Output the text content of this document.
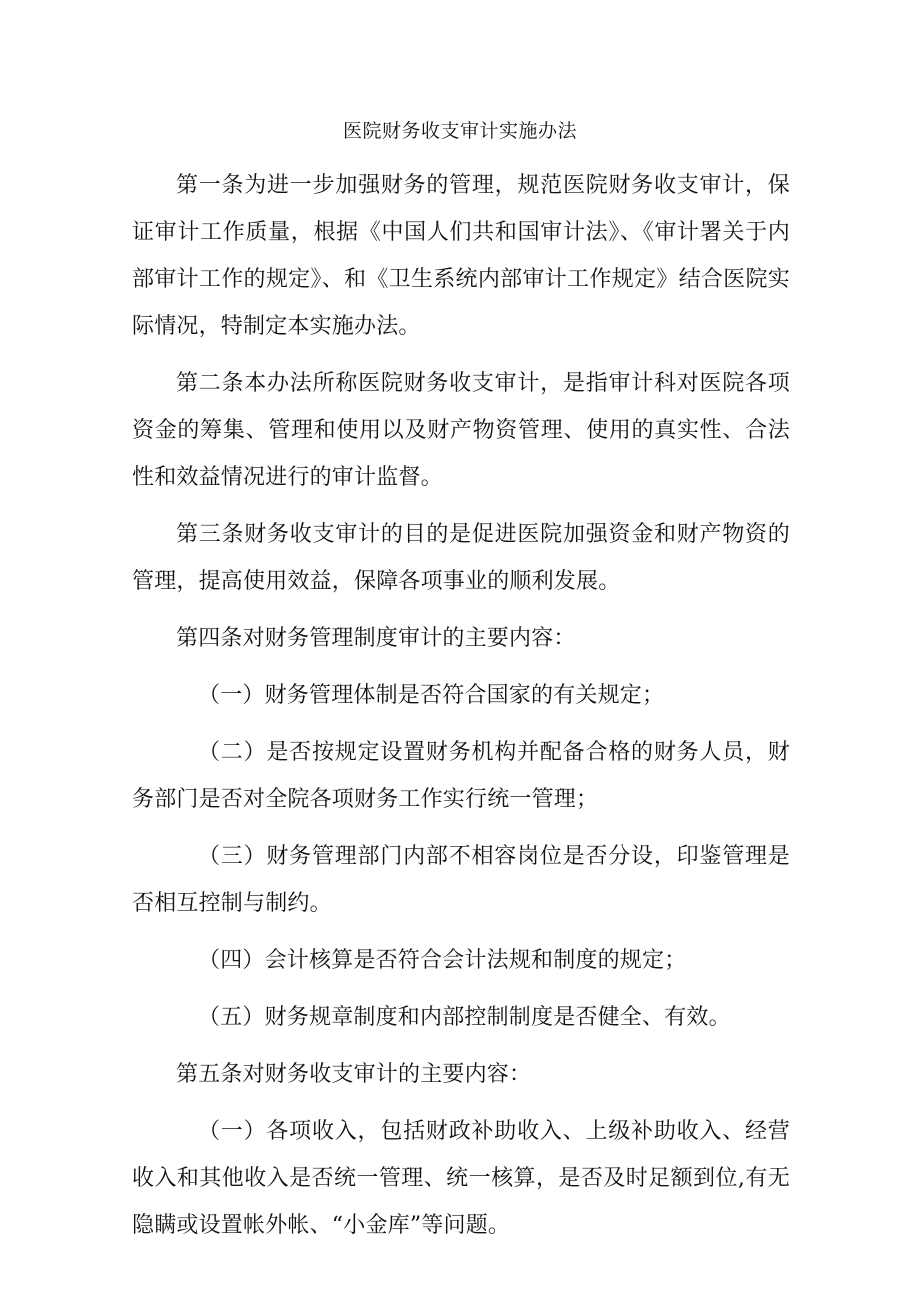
医院财务收支审计实施办法

第一条为进一步加强财务的管理，规范医院财务收支审计，保证审计工作质量，根据《中国人们共和国审计法》、《审计署关于内部审计工作的规定》、和《卫生系统内部审计工作规定》结合医院实际情况，特制定本实施办法。

第二条本办法所称医院财务收支审计，是指审计科对医院各项资金的筹集、管理和使用以及财产物资管理、使用的真实性、合法性和效益情况进行的审计监督。

第三条财务收支审计的目的是促进医院加强资金和财产物资的管理，提高使用效益，保障各项事业的顺利发展。

第四条对财务管理制度审计的主要内容：

（一）财务管理体制是否符合国家的有关规定；

（二）是否按规定设置财务机构并配备合格的财务人员，财务部门是否对全院各项财务工作实行统一管理；

（三）财务管理部门内部不相容岗位是否分设，印鉴管理是否相互控制与制约。

（四）会计核算是否符合会计法规和制度的规定；

（五）财务规章制度和内部控制制度是否健全、有效。

第五条对财务收支审计的主要内容：

（一）各项收入，包括财政补助收入、上级补助收入、经营收入和其他收入是否统一管理、统一核算，是否及时足额到位,有无隐瞒或设置帐外帐、“小金库”等问题。
